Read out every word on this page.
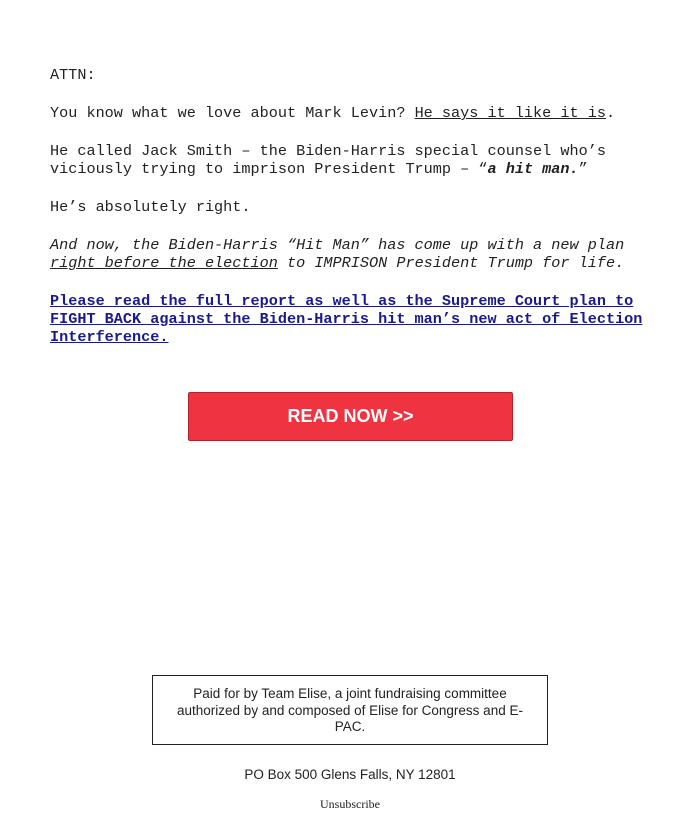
ATTN:

You know what we love about Mark Levin? He says it like it is.

He called Jack Smith – the Biden-Harris special counsel who’s viciously trying to imprison President Trump – “a hit man.”

He’s absolutely right.

And now, the Biden-Harris “Hit Man” has come up with a new plan right before the election to IMPRISON President Trump for life.

Please read the full report as well as the Supreme Court plan to FIGHT BACK against the Biden-Harris hit man’s new act of Election Interference.

READ NOW >>
Paid for by Team Elise, a joint fundraising committee authorized by and composed of Elise for Congress and E-PAC.
PO Box 500 Glens Falls, NY 12801
Unsubscribe
